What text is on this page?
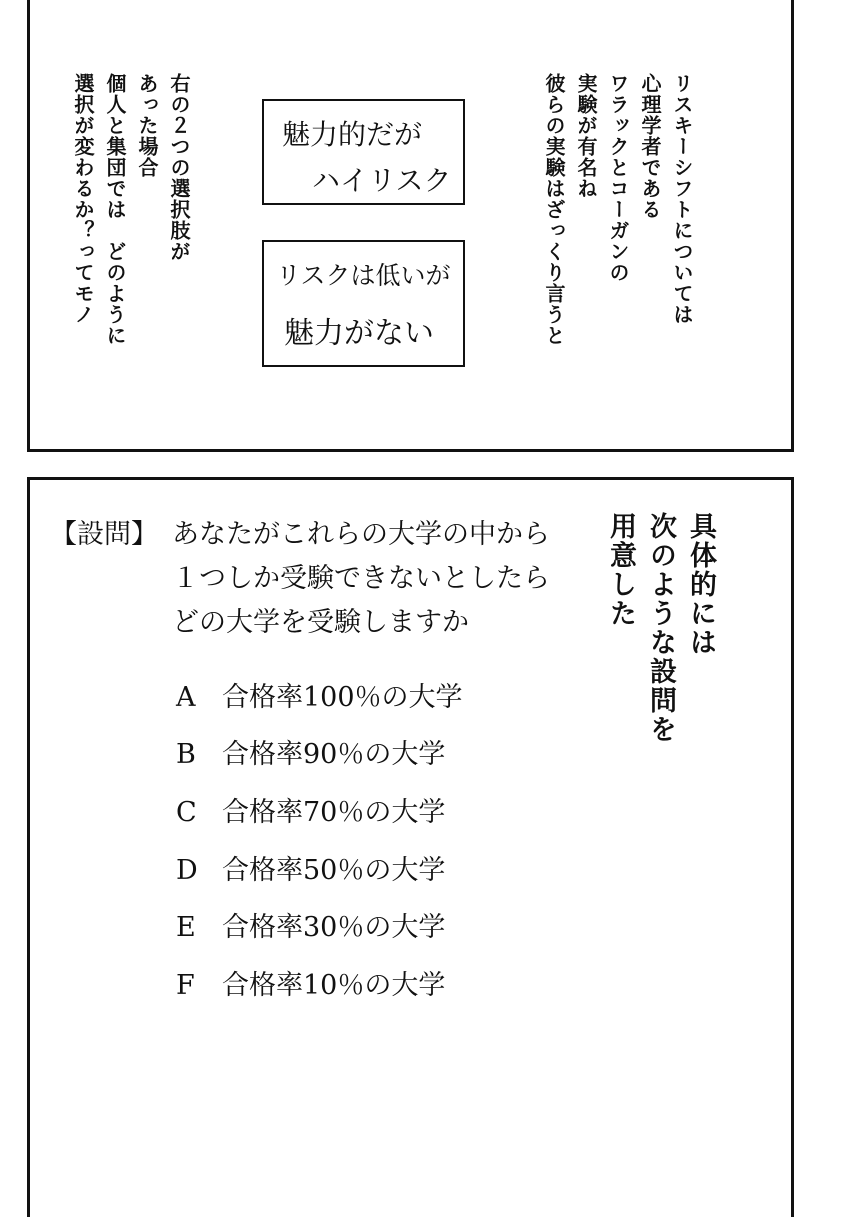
リスキーシフトについては
心理学者である
ワラックとコーガンの
実験が有名ね
彼らの実験はざっくり言うと
右の２つの選択肢が
あった場合
個人と集団では　どのように
選択が変わるか？ってモノ	魅力的だが
ハイリスク
リスクは低いが
魅力がない
具体的には
次のような設問を
用意した
【設問】 あなたがこれらの大学の中から
１つしか受験できないとしたら
どの大学を受験しますか
A 合格率100％の大学
B 合格率90％の大学
C 合格率70％の大学
D 合格率50％の大学
E 合格率30％の大学
F 合格率10％の大学
